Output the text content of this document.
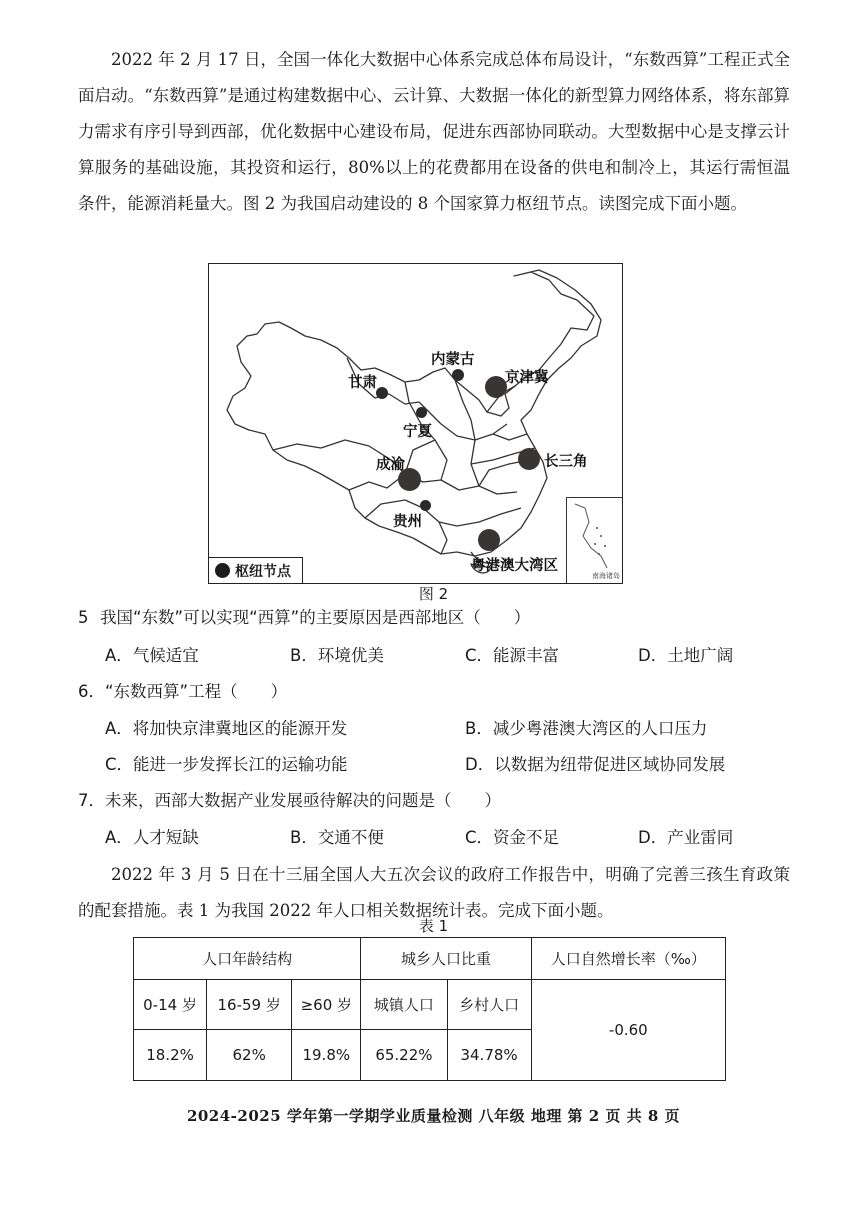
2022 年 2 月 17 日，全国一体化大数据中心体系完成总体布局设计，“东数西算”工程正式全面启动。“东数西算”是通过构建数据中心、云计算、大数据一体化的新型算力网络体系，将东部算力需求有序引导到西部，优化数据中心建设布局，促进东西部协同联动。大型数据中心是支撑云计算服务的基础设施，其投资和运行，80%以上的花费都用在设备的供电和制冷上，其运行需恒温条件，能源消耗量大。图 2 为我国启动建设的 8 个国家算力枢纽节点。读图完成下面小题。

内蒙古
甘肃	京津冀
宁夏
成渝	长三角
贵州
粤港澳大湾区
南海诸岛
枢纽节点
图 2
5 我国“东数”可以实现“西算”的主要原因是西部地区（　　）
A．气候适宜	B．环境优美	C．能源丰富	D．土地广阔
6．“东数西算”工程（　　）
A．将加快京津冀地区的能源开发	B．减少粤港澳大湾区的人口压力
C．能进一步发挥长江的运输功能	D．以数据为纽带促进区域协同发展
7．未来，西部大数据产业发展亟待解决的问题是（　　）
A．人才短缺	B．交通不便	C．资金不足	D．产业雷同

2022 年 3 月 5 日在十三届全国人大五次会议的政府工作报告中，明确了完善三孩生育政策的配套措施。表 1 为我国 2022 年人口相关数据统计表。完成下面小题。

表 1
人口年龄结构			城乡人口比重		人口自然增长率（‰）
0-14 岁	16-59 岁	≥60 岁	城镇人口	乡村人口	-0.60
18.2%	62%	19.8%	65.22%	34.78%	
2024-2025 学年第一学期学业质量检测 八年级 地理 第 2 页 共 8 页
